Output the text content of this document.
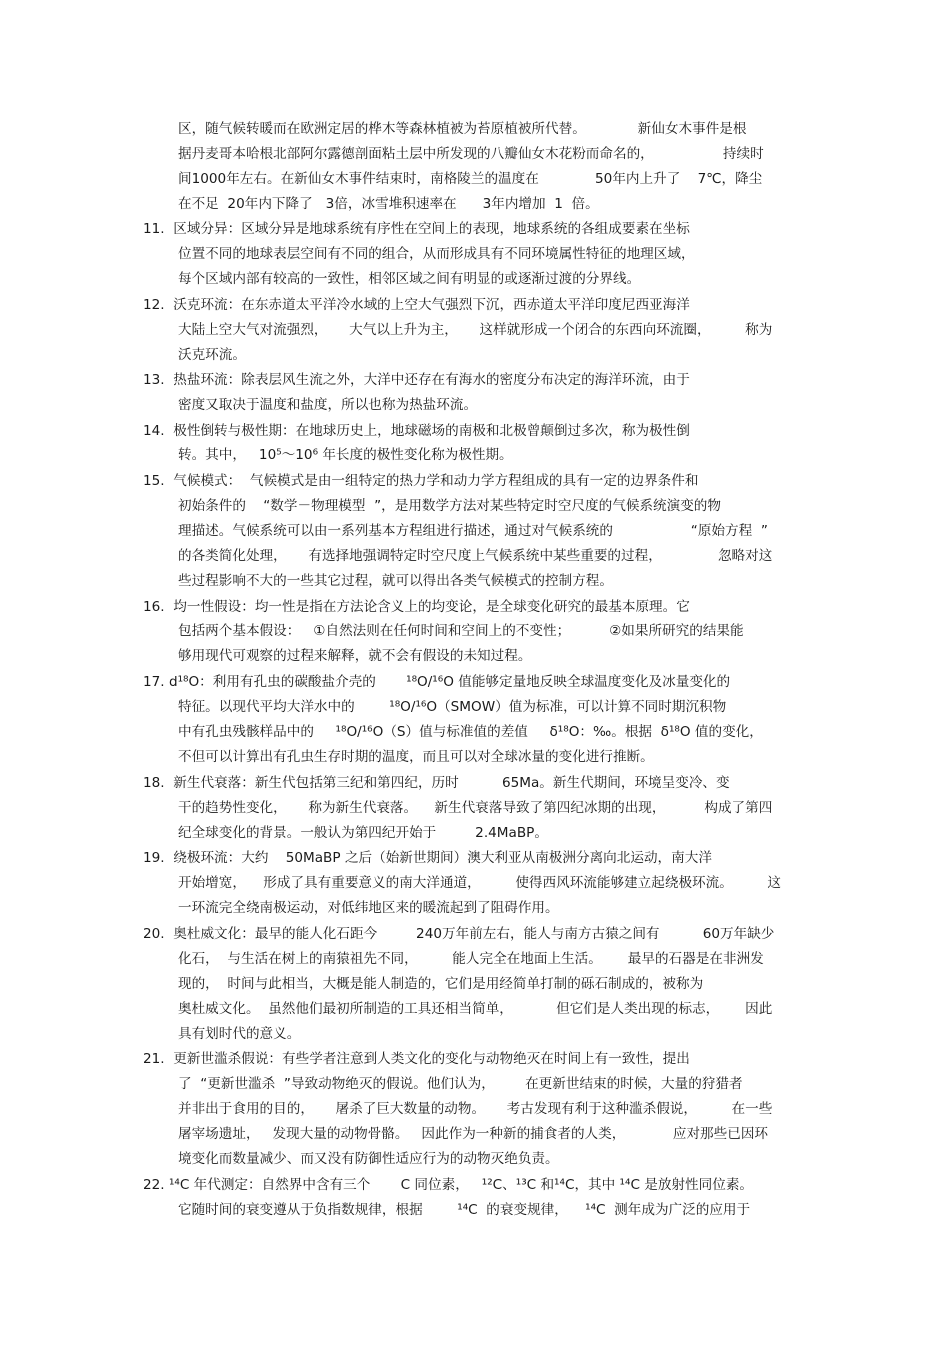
区，随气候转暖而在欧洲定居的桦木等森林植被为苔原植被所代替。            新仙女木事件是根
据丹麦哥本哈根北部阿尔露德剖面粘土层中所发现的八瓣仙女木花粉而命名的，                持续时
间1000年左右。在新仙女木事件结束时，南格陵兰的温度在             50年内上升了    7℃，降尘
在不足  20年内下降了   3倍，冰雪堆积速率在      3年内增加  1  倍。
11.  区域分异：区域分异是地球系统有序性在空间上的表现，地球系统的各组成要素在坐标
位置不同的地球表层空间有不同的组合，从而形成具有不同环境属性特征的地理区域，
每个区域内部有较高的一致性，相邻区域之间有明显的或逐渐过渡的分界线。
12.  沃克环流：在东赤道太平洋冷水域的上空大气强烈下沉，西赤道太平洋印度尼西亚海洋
大陆上空大气对流强烈，     大气以上升为主，     这样就形成一个闭合的东西向环流圈，        称为
沃克环流。
13.  热盐环流：除表层风生流之外，大洋中还存在有海水的密度分布决定的海洋环流，由于
密度又取决于温度和盐度，所以也称为热盐环流。
14.  极性倒转与极性期：在地球历史上，地球磁场的南极和北极曾颠倒过多次，称为极性倒
转。其中，   10⁵～10⁶ 年长度的极性变化称为极性期。
15.  气候模式：  气候模式是由一组特定的热力学和动力学方程组成的具有一定的边界条件和
初始条件的    “数学－物理模型  ”，是用数学方法对某些特定时空尺度的气候系统演变的物
理描述。气候系统可以由一系列基本方程组进行描述，通过对气候系统的                  “原始方程  ”
的各类简化处理，     有选择地强调特定时空尺度上气候系统中某些重要的过程，             忽略对这
些过程影响不大的一些其它过程，就可以得出各类气候模式的控制方程。
16.  均一性假设：均一性是指在方法论含义上的均变论，是全球变化研究的最基本原理。它
包括两个基本假设：   ①自然法则在任何时间和空间上的不变性；         ②如果所研究的结果能
够用现代可观察的过程来解释，就不会有假设的未知过程。
17. d¹⁸O：利用有孔虫的碳酸盐介壳的       ¹⁸O/¹⁶O 值能够定量地反映全球温度变化及冰量变化的
特征。以现代平均大洋水中的        ¹⁸O/¹⁶O（SMOW）值为标准，可以计算不同时期沉积物
中有孔虫残骸样品中的     ¹⁸O/¹⁶O（S）值与标准值的差值     δ¹⁸O：‰。根据  δ¹⁸O 值的变化，
不但可以计算出有孔虫生存时期的温度，而且可以对全球冰量的变化进行推断。
18.  新生代衰落：新生代包括第三纪和第四纪，历时          65Ma。新生代期间，环境呈变冷、变
干的趋势性变化，     称为新生代衰落。    新生代衰落导致了第四纪冰期的出现，         构成了第四
纪全球变化的背景。一般认为第四纪开始于         2.4MaBP。
19.  绕极环流：大约    50MaBP 之后（始新世期间）澳大利亚从南极洲分离向北运动，南大洋
开始增宽，    形成了具有重要意义的南大洋通道，        使得西风环流能够建立起绕极环流。        这
一环流完全绕南极运动，对低纬地区来的暖流起到了阻碍作用。
20.  奥杜威文化：最早的能人化石距今         240万年前左右，能人与南方古猿之间有          60万年缺少
化石，  与生活在树上的南猿祖先不同，        能人完全在地面上生活。      最早的石器是在非洲发
现的，  时间与此相当，大概是能人制造的，它们是用经简单打制的砾石制成的，被称为
奥杜威文化。  虽然他们最初所制造的工具还相当简单，          但它们是人类出现的标志，      因此
具有划时代的意义。
21.  更新世滥杀假说：有些学者注意到人类文化的变化与动物绝灭在时间上有一致性，提出
了  “更新世滥杀  ”导致动物绝灭的假说。他们认为，       在更新世结束的时候，大量的狩猎者
并非出于食用的目的，     屠杀了巨大数量的动物。     考古发现有利于这种滥杀假说，        在一些
屠宰场遗址，   发现大量的动物骨骼。   因此作为一种新的捕食者的人类，           应对那些已因环
境变化而数量减少、而又没有防御性适应行为的动物灭绝负责。
22. ¹⁴C 年代测定：自然界中含有三个       C 同位素，   ¹²C、¹³C 和¹⁴C，其中 ¹⁴C 是放射性同位素。
它随时间的衰变遵从于负指数规律，根据        ¹⁴C  的衰变规律，    ¹⁴C  测年成为广泛的应用于
